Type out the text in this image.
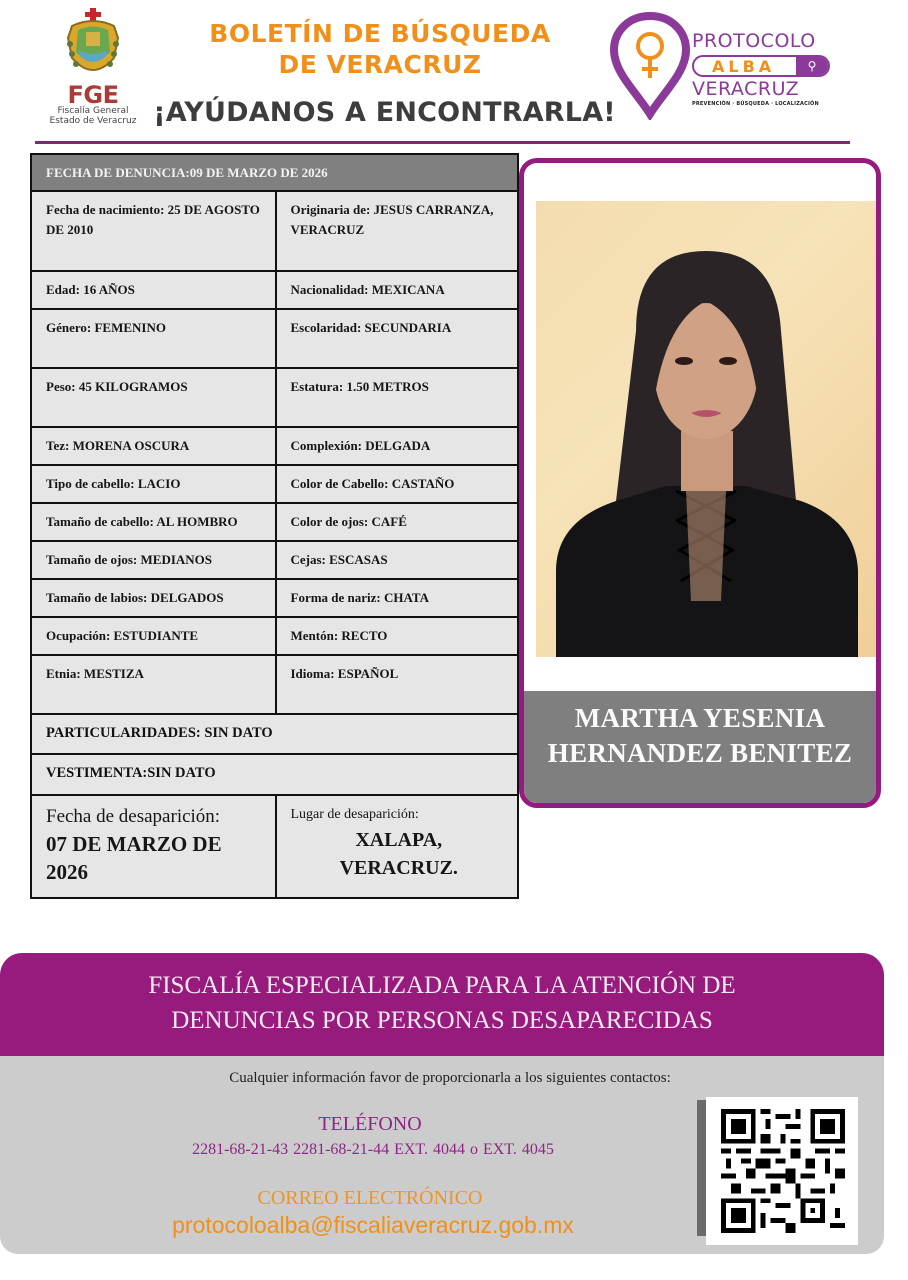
FGE
Fiscalía General
Estado de Veracruz
BOLETÍN DE BÚSQUEDA
DE VERACRUZ
¡AYÚDANOS A ENCONTRARLA!
PROTOCOLO
ALBA	⚲
VERACRUZ
PREVENCIÓN · BÚSQUEDA · LOCALIZACIÓN
FECHA DE DENUNCIA:09 DE MARZO DE 2026
Fecha de nacimiento: 25 DE AGOSTO DE 2010
Originaria de: JESUS CARRANZA, VERACRUZ
Edad: 16 AÑOS	Nacionalidad: MEXICANA
Género: FEMENINO	Escolaridad: SECUNDARIA
Peso: 45 KILOGRAMOS	Estatura: 1.50 METROS
Tez: MORENA OSCURA	Complexión: DELGADA
Tipo de cabello: LACIO	Color de Cabello: CASTAÑO
Tamaño de cabello: AL HOMBRO	Color de ojos: CAFÉ
Tamaño de ojos: MEDIANOS	Cejas: ESCASAS
Tamaño de labios: DELGADOS	Forma de nariz: CHATA
Ocupación: ESTUDIANTE	Mentón: RECTO
Etnia: MESTIZA	Idioma: ESPAÑOL
PARTICULARIDADES: SIN DATO
VESTIMENTA:SIN DATO
Fecha de desaparición:
07 DE MARZO DE 2026
Lugar de desaparición:
XALAPA,
VERACRUZ.
MARTHA YESENIA
HERNANDEZ BENITEZ
FISCALÍA ESPECIALIZADA PARA LA ATENCIÓN DE
DENUNCIAS POR PERSONAS DESAPARECIDAS
Cualquier información favor de proporcionarla a los siguientes contactos:
TELÉFONO
2281-68-21-43 2281-68-21-44 EXT. 4044 o EXT. 4045
CORREO ELECTRÓNICO
protocoloalba@fiscaliaveracruz.gob.mx
